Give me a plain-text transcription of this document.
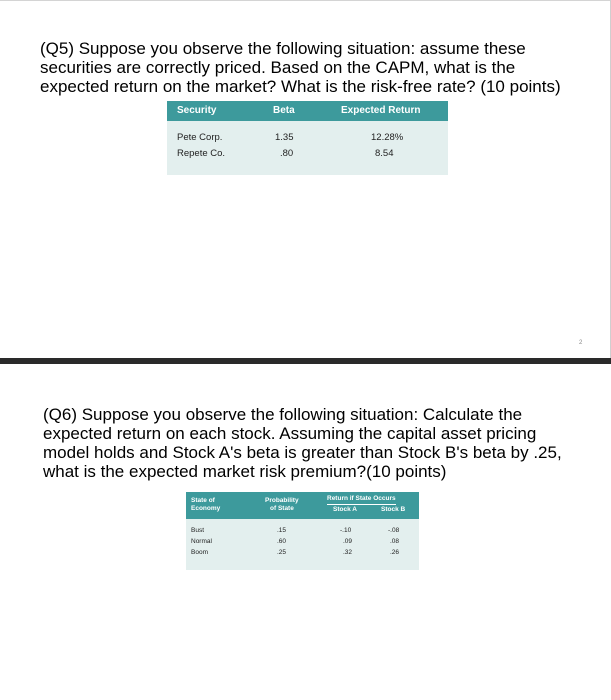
(Q5) Suppose you observe the following situation: assume these
securities are correctly priced. Based on the CAPM, what is the
expected return on the market? What is the risk-free rate? (10 points)
Security	Beta	Expected Return
Pete Corp.	1.35	12.28%
Repete Co.	.80	8.54
2
(Q6) Suppose you observe the following situation: Calculate the
expected return on each stock. Assuming the capital asset pricing
model holds and Stock A's beta is greater than Stock B's beta by .25,
what is the expected market risk premium?(10 points)
State of
Economy
Probability
of State
Return if State Occurs
Stock A	Stock B
Bust	.15	-.10	-.08
Normal	.60	.09	.08
Boom	.25	.32	.26
